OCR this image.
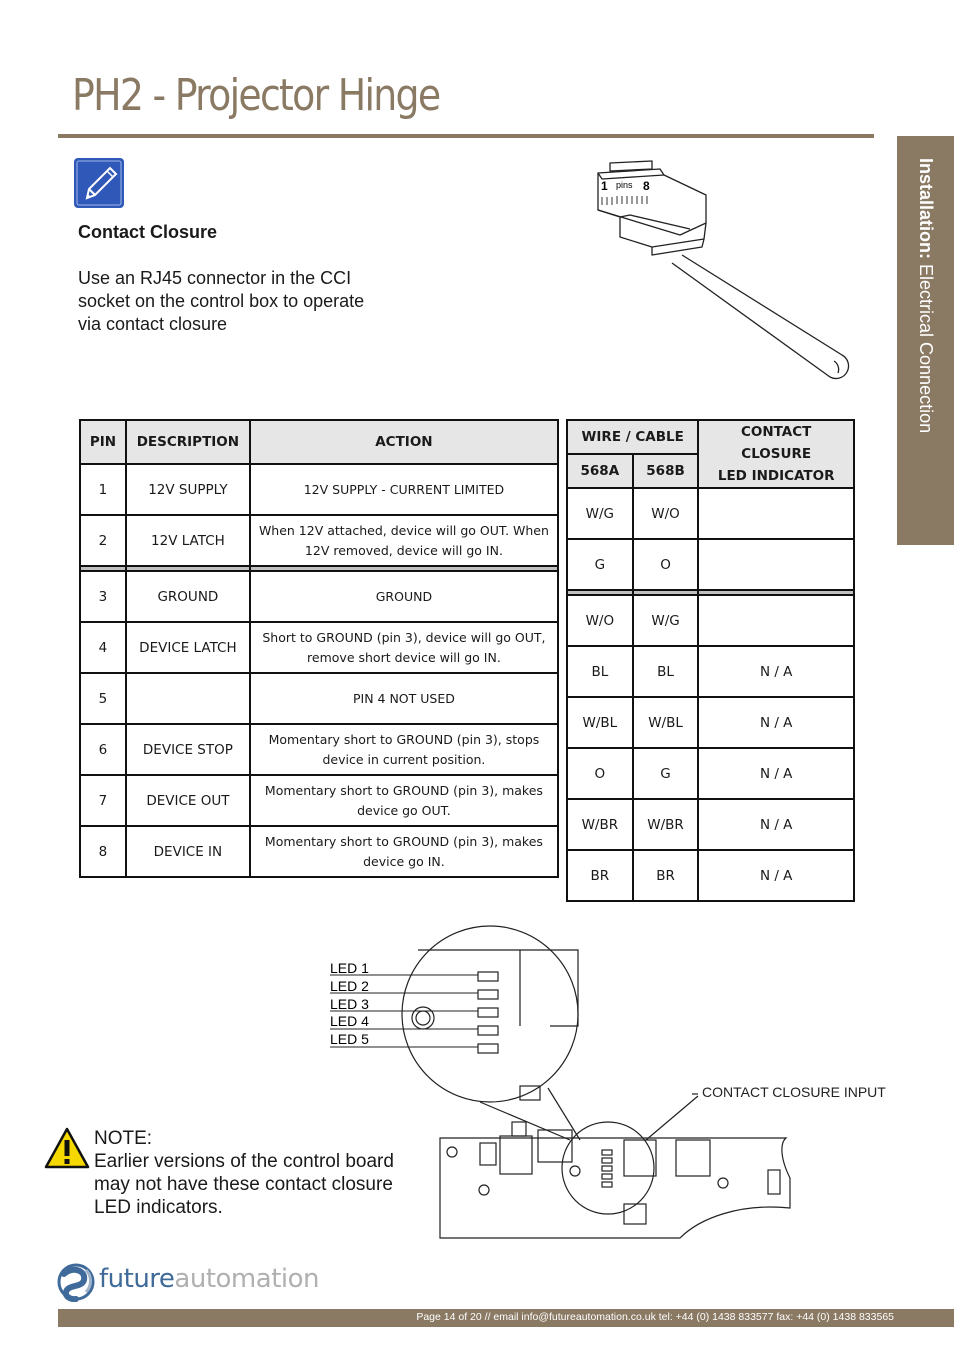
PH2 - Projector Hinge
Installation: Electrical Connection
Contact Closure
Use an RJ45 connector in the CCI socket on the control box to operate via contact closure
1 pins 8
PIN	DESCRIPTION	ACTION
1	12V SUPPLY	12V SUPPLY - CURRENT LIMITED
2	12V LATCH	When 12V attached, device will go OUT. When 12V removed, device will go IN.

3	GROUND	GROUND
4	DEVICE LATCH	Short to GROUND (pin 3), device will go OUT, remove short device will go IN.
5		PIN 4 NOT USED
6	DEVICE STOP	Momentary short to GROUND (pin 3), stops device in current position.
7	DEVICE OUT	Momentary short to GROUND (pin 3), makes device go OUT.
8	DEVICE IN	Momentary short to GROUND (pin 3), makes device go IN.
WIRE / CABLE		CONTACT CLOSURE
LED INDICATOR
568A	568B	
W/G	W/O	
G	O	

W/O	W/G	
BL	BL	N / A
W/BL	W/BL	N / A
O	G	N / A
W/BR	W/BR	N / A
BR	BR	N / A
LED 1
LED 2
LED 3
LED 4
LED 5
CONTACT CLOSURE INPUT
NOTE:
Earlier versions of the control board may not have these contact closure LED indicators.
futureautomation
Page 14 of 20 // email info@futureautomation.co.uk tel: +44 (0) 1438 833577 fax: +44 (0) 1438 833565
